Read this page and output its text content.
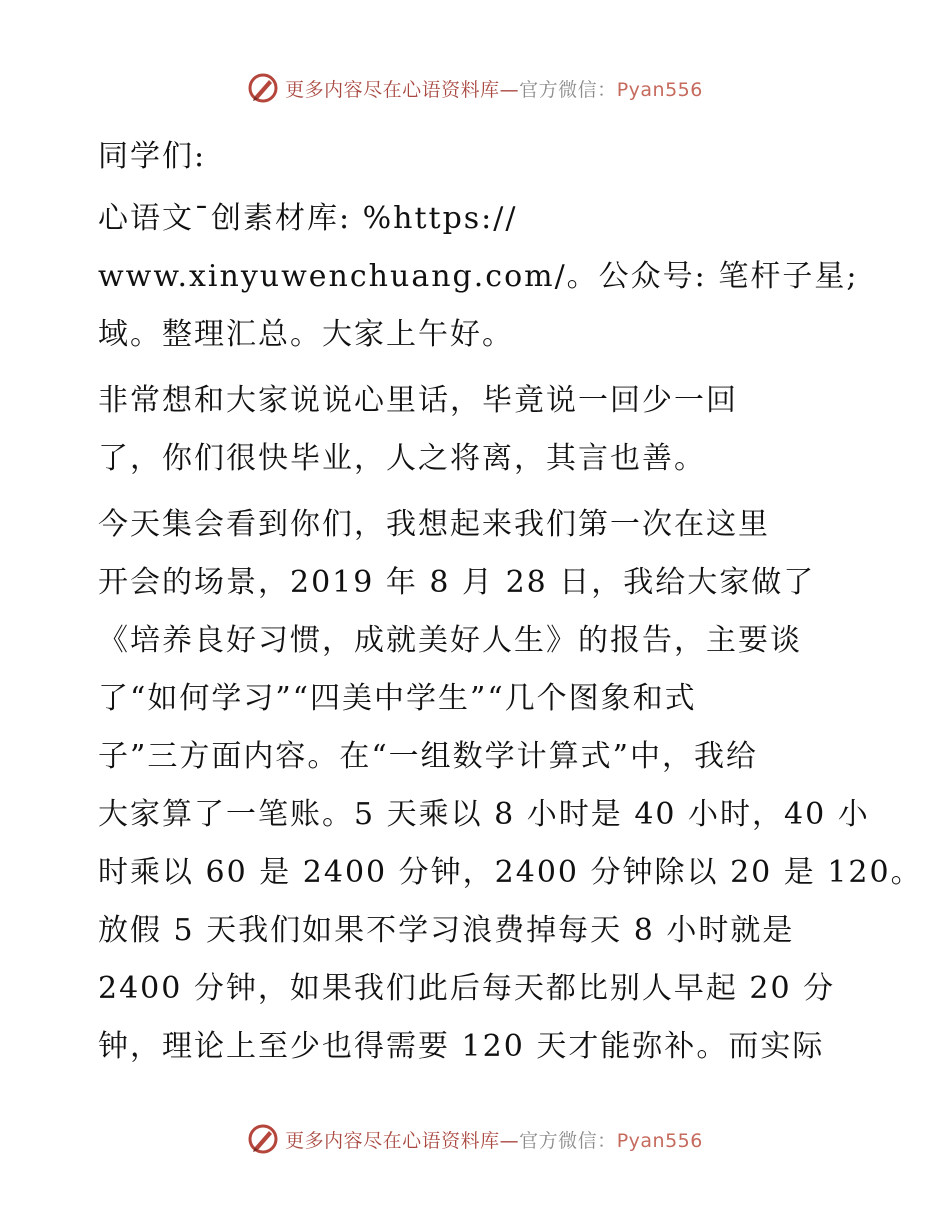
更多内容尽在心语资料库—官方微信：Pyan556
同学们:
心语文¯创素材库: %https://
www.xinyuwenchuang.com/。公众号: 笔杆子星;
域。整理汇总。大家上午好。
非常想和大家说说心里话，毕竟说一回少一回
了，你们很快毕业，人之将离，其言也善。
今天集会看到你们，我想起来我们第一次在这里
开会的场景，2019 年 8 月 28 日，我给大家做了
《培养良好习惯，成就美好人生》的报告，主要谈
了“如何学习”“四美中学生”“几个图象和式
子”三方面内容。在“一组数学计算式”中，我给
大家算了一笔账。5 天乘以 8 小时是 40 小时，40 小
时乘以 60 是 2400 分钟，2400 分钟除以 20 是 120。
放假 5 天我们如果不学习浪费掉每天 8 小时就是
2400 分钟，如果我们此后每天都比别人早起 20 分
钟，理论上至少也得需要 120 天才能弥补。而实际
更多内容尽在心语资料库—官方微信：Pyan556
